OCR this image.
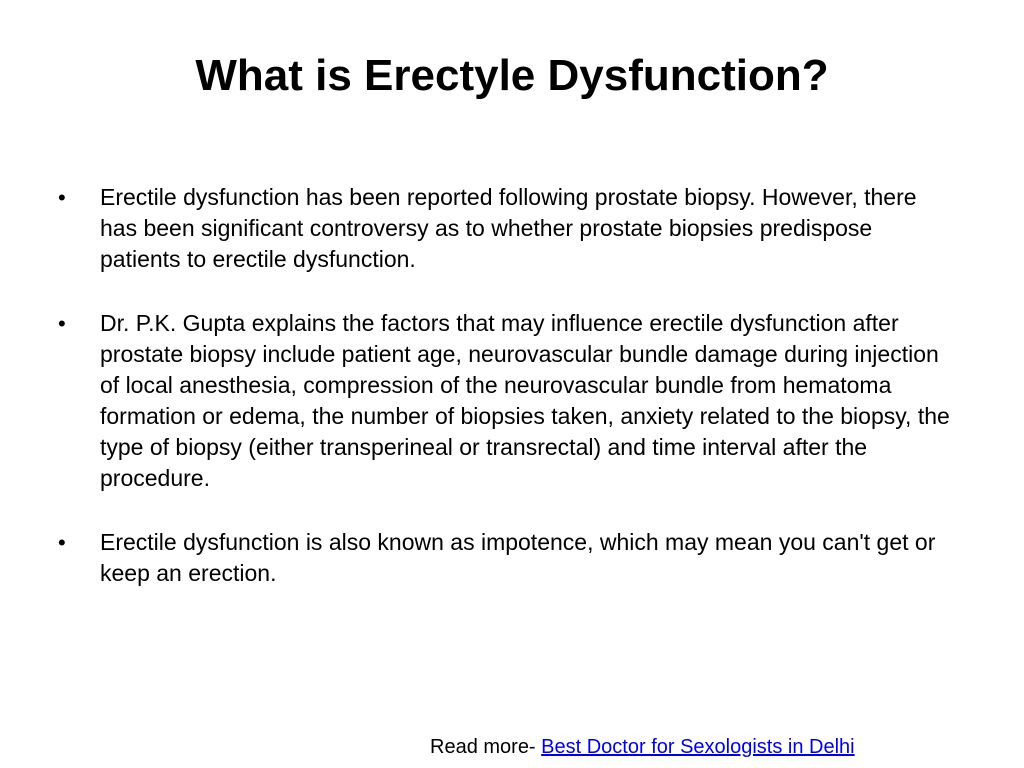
What is Erectyle Dysfunction?
•	Erectile dysfunction has been reported following prostate biopsy. However, there has been significant controversy as to whether prostate biopsies predispose patients to erectile dysfunction.
•	Dr. P.K. Gupta explains the factors that may influence erectile dysfunction after prostate biopsy include patient age, neurovascular bundle damage during injection of local anesthesia, compression of the neurovascular bundle from hematoma formation or edema, the number of biopsies taken, anxiety related to the biopsy, the type of biopsy (either transperineal or transrectal) and time interval after the procedure.
•	Erectile dysfunction is also known as impotence, which may mean you can't get or keep an erection.
Read more- Best Doctor for Sexologists in Delhi
